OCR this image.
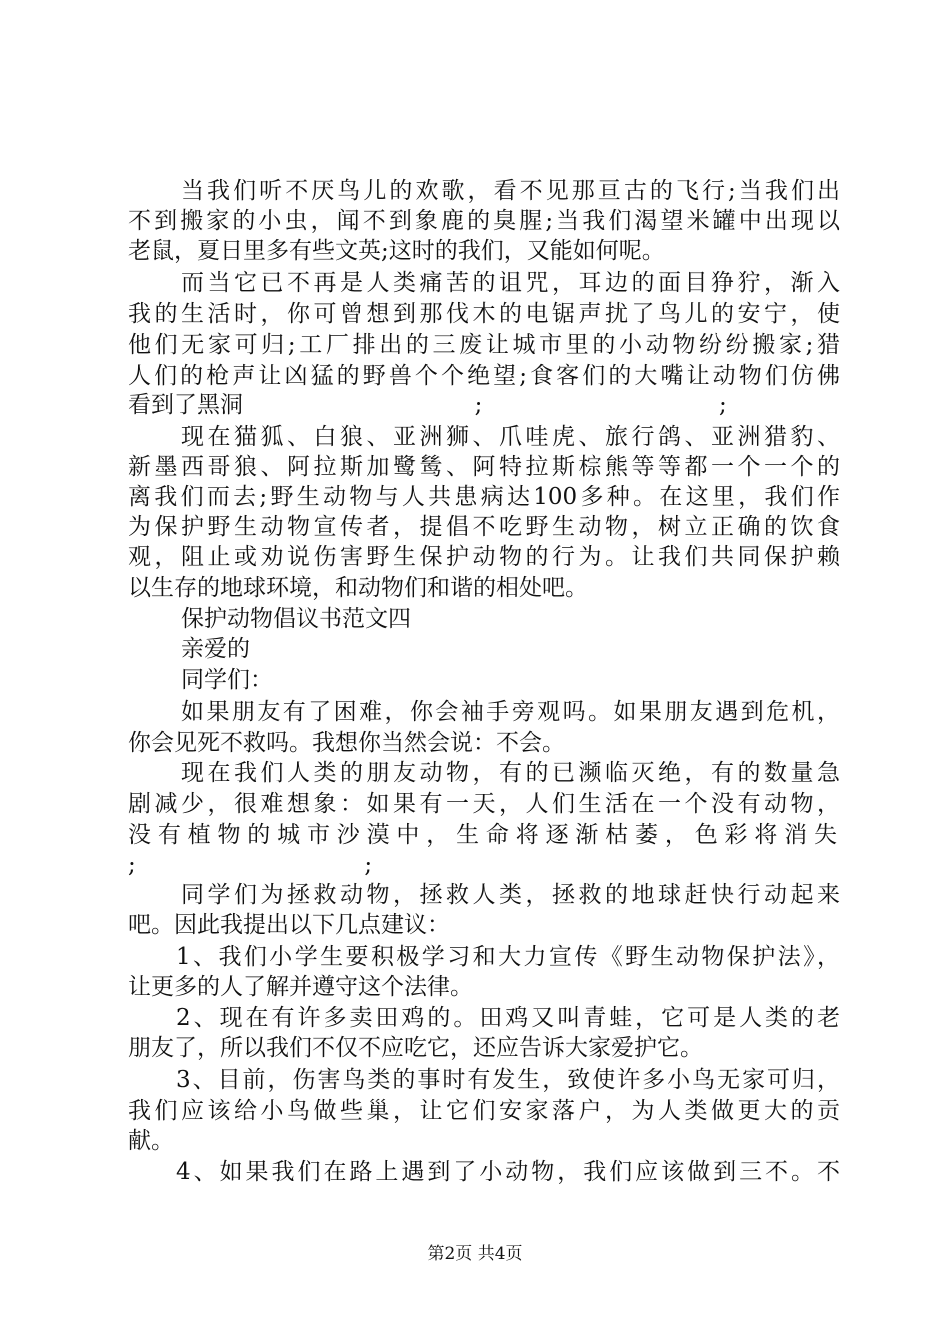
当我们听不厌鸟儿的欢歌，看不见那亘古的飞行;当我们出
不到搬家的小虫，闻不到象鹿的臭腥;当我们渴望米罐中出现以
老鼠，夏日里多有些文英;这时的我们，又能如何呢。
而当它已不再是人类痛苦的诅咒，耳边的面目狰狞，渐入
我的生活时，你可曾想到那伐木的电锯声扰了鸟儿的安宁，使
他们无家可归;工厂排出的三废让城市里的小动物纷纷搬家;猎
人们的枪声让凶猛的野兽个个绝望;食客们的大嘴让动物们仿佛
看到了黑洞	;	;
现在猫狐、白狼、亚洲狮、爪哇虎、旅行鸽、亚洲猎豹、
新墨西哥狼、阿拉斯加鹭鸶、阿特拉斯棕熊等等都一个一个的
离我们而去;野生动物与人共患病达100多种。在这里，我们作
为保护野生动物宣传者，提倡不吃野生动物，树立正确的饮食
观，阻止或劝说伤害野生保护动物的行为。让我们共同保护赖
以生存的地球环境，和动物们和谐的相处吧。
保护动物倡议书范文四
亲爱的
同学们：
如果朋友有了困难，你会袖手旁观吗。如果朋友遇到危机，
你会见死不救吗。我想你当然会说：不会。
现在我们人类的朋友动物，有的已濒临灭绝，有的数量急
剧减少，很难想象：如果有一天，人们生活在一个没有动物，
没有植物的城市沙漠中，生命将逐渐枯萎，色彩将消失
;	;
同学们为拯救动物，拯救人类，拯救的地球赶快行动起来
吧。因此我提出以下几点建议：
1、我们小学生要积极学习和大力宣传《野生动物保护法》，
让更多的人了解并遵守这个法律。
2、现在有许多卖田鸡的。田鸡又叫青蛙，它可是人类的老
朋友了，所以我们不仅不应吃它，还应告诉大家爱护它。
3、目前，伤害鸟类的事时有发生，致使许多小鸟无家可归，
我们应该给小鸟做些巢，让它们安家落户，为人类做更大的贡
献。
4、如果我们在路上遇到了小动物，我们应该做到三不。不
第2页 共4页
